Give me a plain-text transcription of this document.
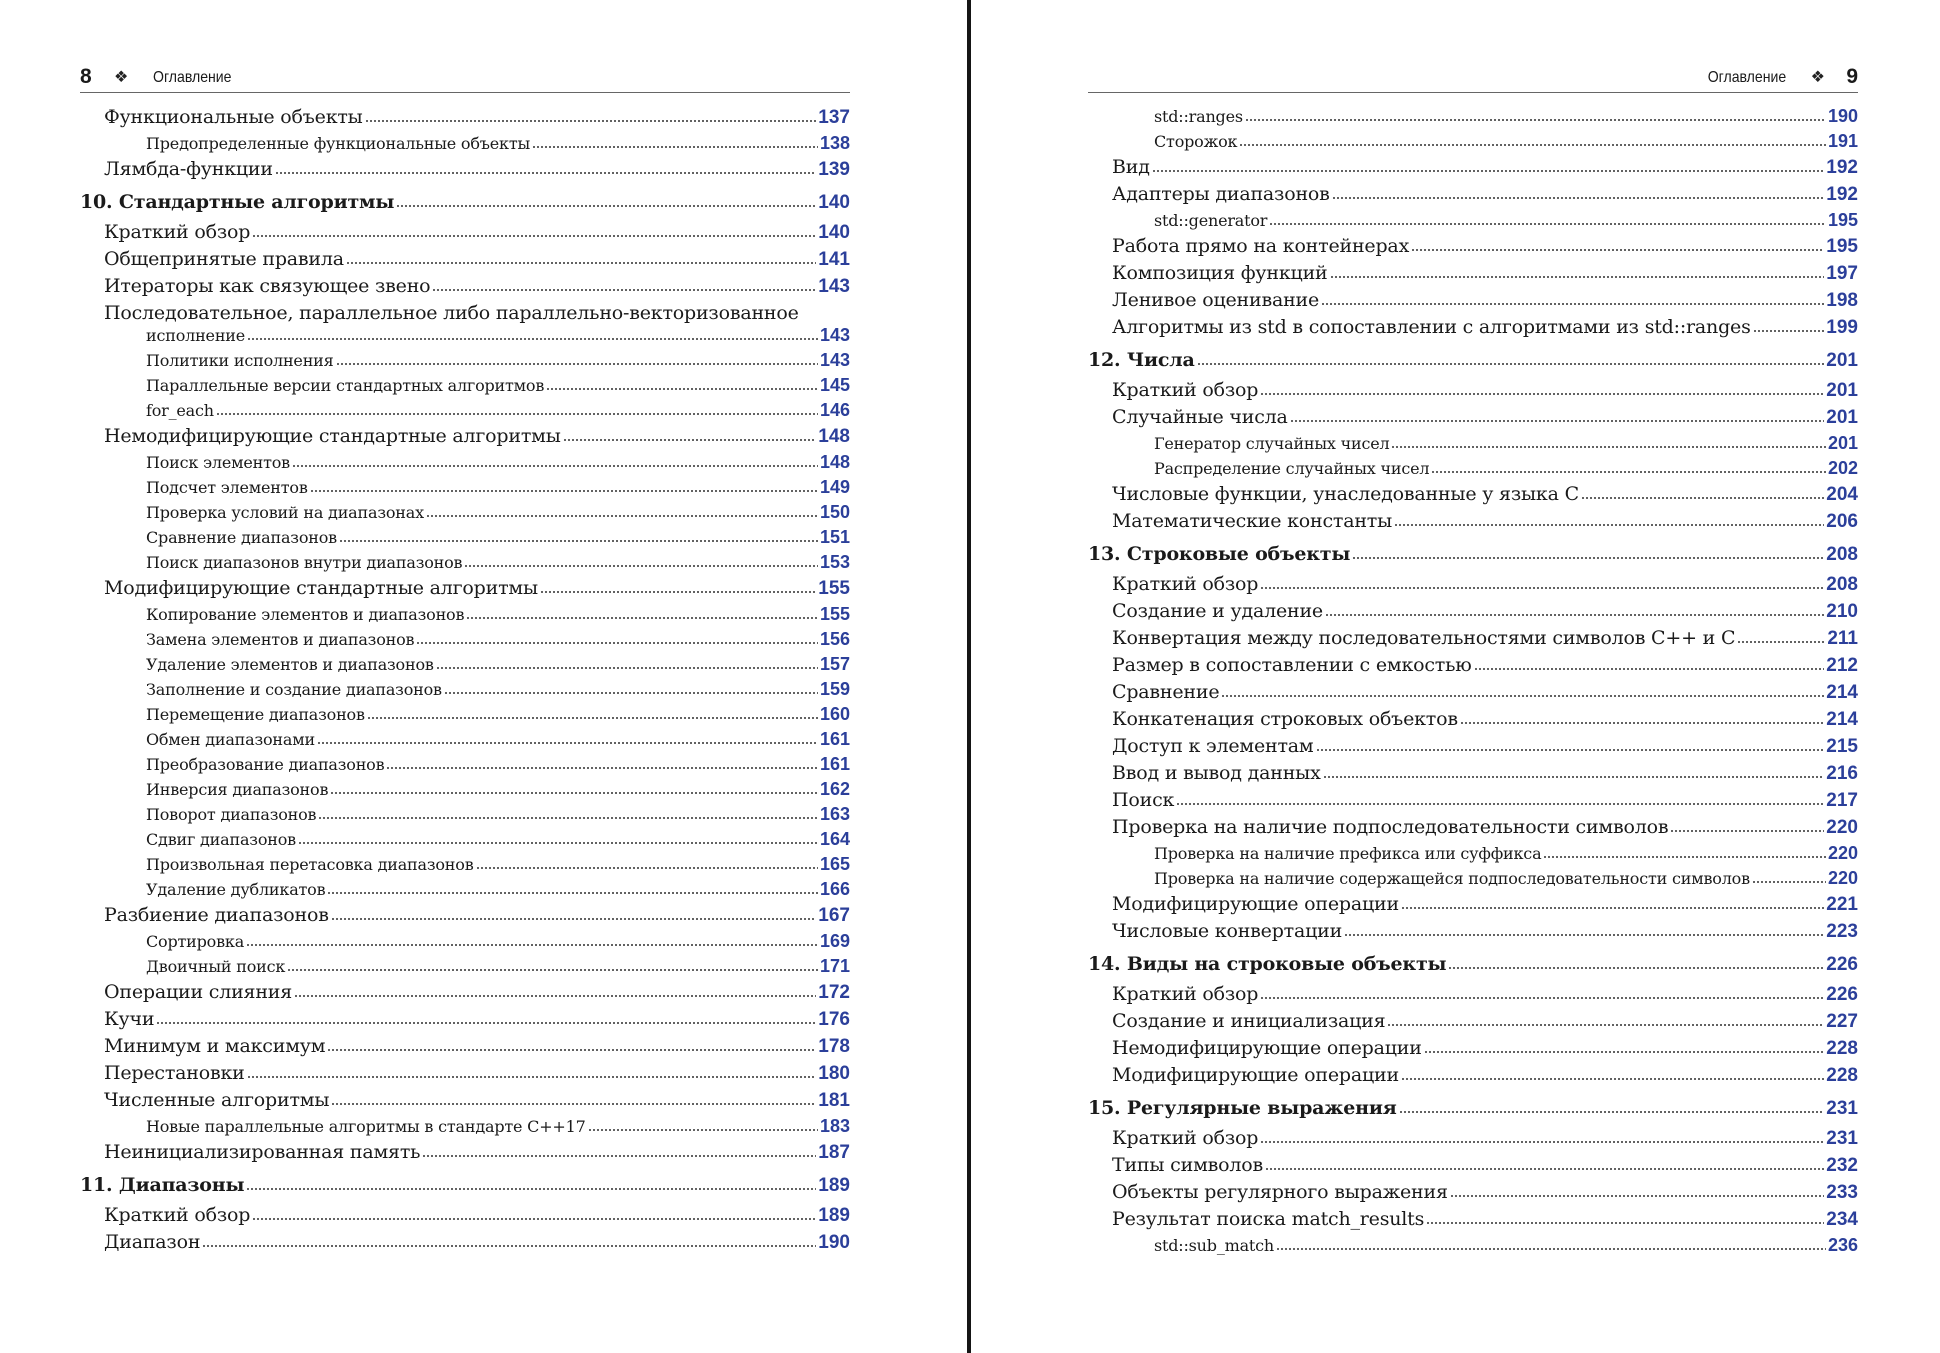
8 ❖ Оглавление
Функциональные объекты	137
Предопределенные функциональные объекты	138
Лямбда-функции	139
10. Стандартные алгоритмы	140
Краткий обзор	140
Общепринятые правила	141
Итераторы как связующее звено	143
Последовательное, параллельное либо параллельно-векторизованное
исполнение	143
Политики исполнения	143
Параллельные версии стандартных алгоритмов	145
for_each	146
Немодифицирующие стандартные алгоритмы	148
Поиск элементов	148
Подсчет элементов	149
Проверка условий на диапазонах	150
Сравнение диапазонов	151
Поиск диапазонов внутри диапазонов	153
Модифицирующие стандартные алгоритмы	155
Копирование элементов и диапазонов	155
Замена элементов и диапазонов	156
Удаление элементов и диапазонов	157
Заполнение и создание диапазонов	159
Перемещение диапазонов	160
Обмен диапазонами	161
Преобразование диапазонов	161
Инверсия диапазонов	162
Поворот диапазонов	163
Сдвиг диапазонов	164
Произвольная перетасовка диапазонов	165
Удаление дубликатов	166
Разбиение диапазонов	167
Сортировка	169
Двоичный поиск	171
Операции слияния	172
Кучи	176
Минимум и максимум	178
Перестановки	180
Численные алгоритмы	181
Новые параллельные алгоритмы в стандарте C++17	183
Неинициализированная память	187
11. Диапазоны	189
Краткий обзор	189
Диапазон	190
Оглавление ❖ 9
std::ranges	190
Сторожок	191
Вид	192
Адаптеры диапазонов	192
std::generator	195
Работа прямо на контейнерах	195
Композиция функций	197
Ленивое оценивание	198
Алгоритмы из std в сопоставлении с алгоритмами из std::ranges	199
12. Числа	201
Краткий обзор	201
Случайные числа	201
Генератор случайных чисел	201
Распределение случайных чисел	202
Числовые функции, унаследованные у языка C	204
Математические константы	206
13. Строковые объекты	208
Краткий обзор	208
Создание и удаление	210
Конвертация между последовательностями символов C++ и C	211
Размер в сопоставлении с емкостью	212
Сравнение	214
Конкатенация строковых объектов	214
Доступ к элементам	215
Ввод и вывод данных	216
Поиск	217
Проверка на наличие подпоследовательности символов	220
Проверка на наличие префикса или суффикса	220
Проверка на наличие содержащейся подпоследовательности символов	220
Модифицирующие операции	221
Числовые конвертации	223
14. Виды на строковые объекты	226
Краткий обзор	226
Создание и инициализация	227
Немодифицирующие операции	228
Модифицирующие операции	228
15. Регулярные выражения	231
Краткий обзор	231
Типы символов	232
Объекты регулярного выражения	233
Результат поиска match_results	234
std::sub_match	236
